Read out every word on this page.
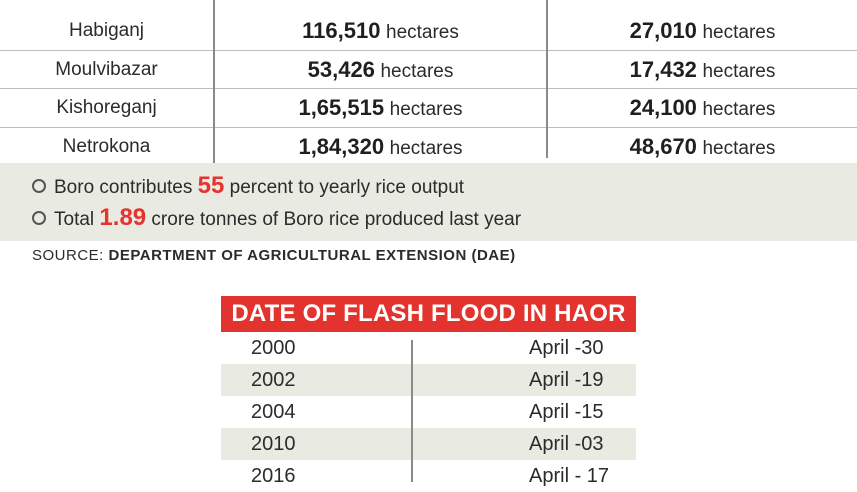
Habiganj	116,510 hectares	27,010 hectares
Moulvibazar	53,426 hectares	17,432 hectares
Kishoreganj	1,65,515 hectares	24,100 hectares
Netrokona	1,84,320 hectares	48,670 hectares
Boro contributes 55 percent to yearly rice output
Total 1.89 crore tonnes of Boro rice produced last year
SOURCE: DEPARTMENT OF AGRICULTURAL EXTENSION (DAE)
DATE OF FLASH FLOOD IN HAOR
2000	April -30
2002	April -19
2004	April -15
2010	April -03
2016	April - 17
